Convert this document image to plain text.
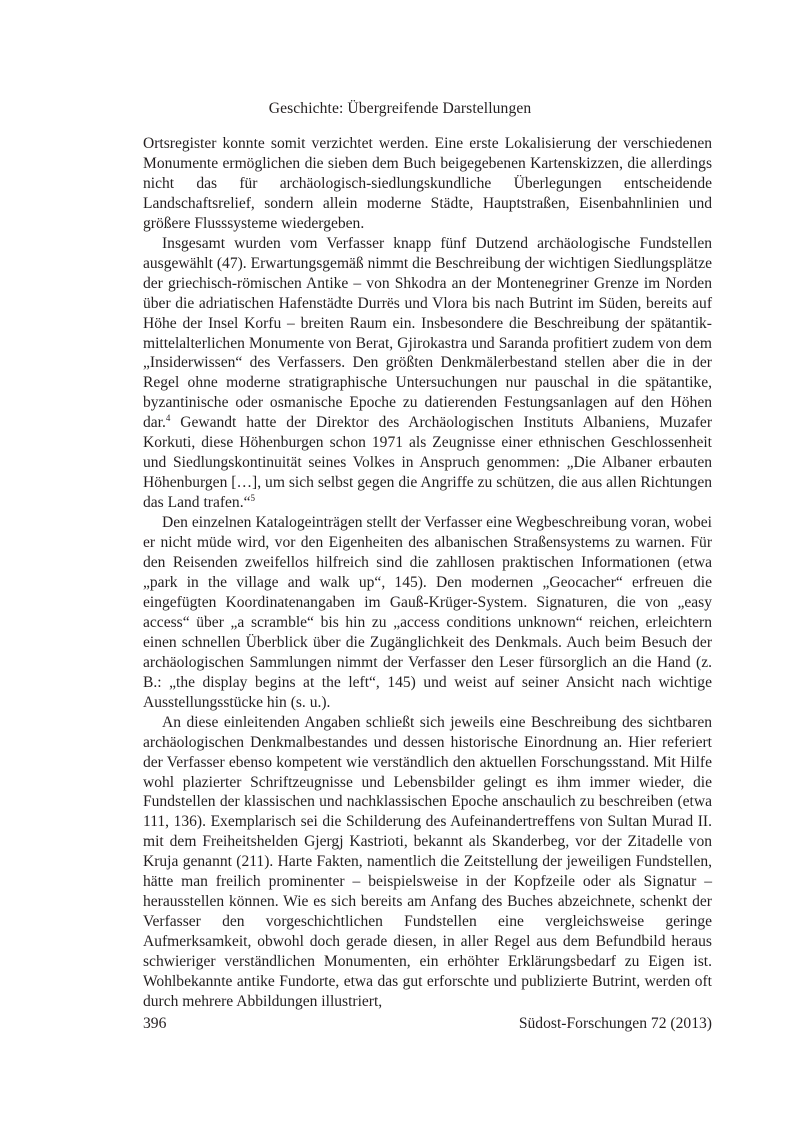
Geschichte: Übergreifende Darstellungen

Ortsregister konnte somit verzichtet werden. Eine erste Lokalisierung der verschiedenen Monumente ermöglichen die sieben dem Buch beigegebenen Kartenskizzen, die allerdings nicht das für archäologisch-siedlungskundliche Überlegungen entscheidende Landschaftsrelief, sondern allein moderne Städte, Hauptstraßen, Eisenbahnlinien und größere Flusssysteme wiedergeben.

Insgesamt wurden vom Verfasser knapp fünf Dutzend archäologische Fundstellen ausgewählt (47). Erwartungsgemäß nimmt die Beschreibung der wichtigen Siedlungsplätze der griechisch-römischen Antike – von Shkodra an der Montenegriner Grenze im Norden über die adriatischen Hafenstädte Durrës und Vlora bis nach Butrint im Süden, bereits auf Höhe der Insel Korfu – breiten Raum ein. Insbesondere die Beschreibung der spätantik-mittelalterlichen Monumente von Berat, Gjirokastra und Saranda profitiert zudem von dem „Insiderwissen“ des Verfassers. Den größten Denkmälerbestand stellen aber die in der Regel ohne moderne stratigraphische Untersuchungen nur pauschal in die spätantike, byzantinische oder osmanische Epoche zu datierenden Festungsanlagen auf den Höhen dar.$^4$ Gewandt hatte der Direktor des Archäologischen Instituts Albaniens, Muzafer Korkuti, diese Höhenburgen schon 1971 als Zeugnisse einer ethnischen Geschlossenheit und Siedlungskontinuität seines Volkes in Anspruch genommen: „Die Albaner erbauten Höhenburgen […], um sich selbst gegen die Angriffe zu schützen, die aus allen Richtungen das Land trafen.“$^5$

Den einzelnen Katalogeinträgen stellt der Verfasser eine Wegbeschreibung voran, wobei er nicht müde wird, vor den Eigenheiten des albanischen Straßensystems zu warnen. Für den Reisenden zweifellos hilfreich sind die zahllosen praktischen Informationen (etwa „park in the village and walk up“, 145). Den modernen „Geocacher“ erfreuen die eingefügten Koordinatenangaben im Gauß-Krüger-System. Signaturen, die von „easy access“ über „a scramble“ bis hin zu „access conditions unknown“ reichen, erleichtern einen schnellen Überblick über die Zugänglichkeit des Denkmals. Auch beim Besuch der archäologischen Sammlungen nimmt der Verfasser den Leser fürsorglich an die Hand (z. B.: „the display begins at the left“, 145) und weist auf seiner Ansicht nach wichtige Ausstellungsstücke hin (s. u.).

An diese einleitenden Angaben schließt sich jeweils eine Beschreibung des sichtbaren archäologischen Denkmalbestandes und dessen historische Einordnung an. Hier referiert der Verfasser ebenso kompetent wie verständlich den aktuellen Forschungsstand. Mit Hilfe wohl plazierter Schriftzeugnisse und Lebensbilder gelingt es ihm immer wieder, die Fundstellen der klassischen und nachklassischen Epoche anschaulich zu beschreiben (etwa 111, 136). Exemplarisch sei die Schilderung des Aufeinandertreffens von Sultan Murad II. mit dem Freiheitshelden Gjergj Kastrioti, bekannt als Skanderbeg, vor der Zitadelle von Kruja genannt (211). Harte Fakten, namentlich die Zeitstellung der jeweiligen Fundstellen, hätte man freilich prominenter – beispielsweise in der Kopfzeile oder als Signatur – herausstellen können. Wie es sich bereits am Anfang des Buches abzeichnete, schenkt der Verfasser den vorgeschichtlichen Fundstellen eine vergleichsweise geringe Aufmerksamkeit, obwohl doch gerade diesen, in aller Regel aus dem Befundbild heraus schwieriger verständlichen Monumenten, ein erhöhter Erklärungsbedarf zu Eigen ist. Wohlbekannte antike Fundorte, etwa das gut erforschte und publizierte Butrint, werden oft durch mehrere Abbildungen illustriert,

396	Südost-Forschungen 72 (2013)
